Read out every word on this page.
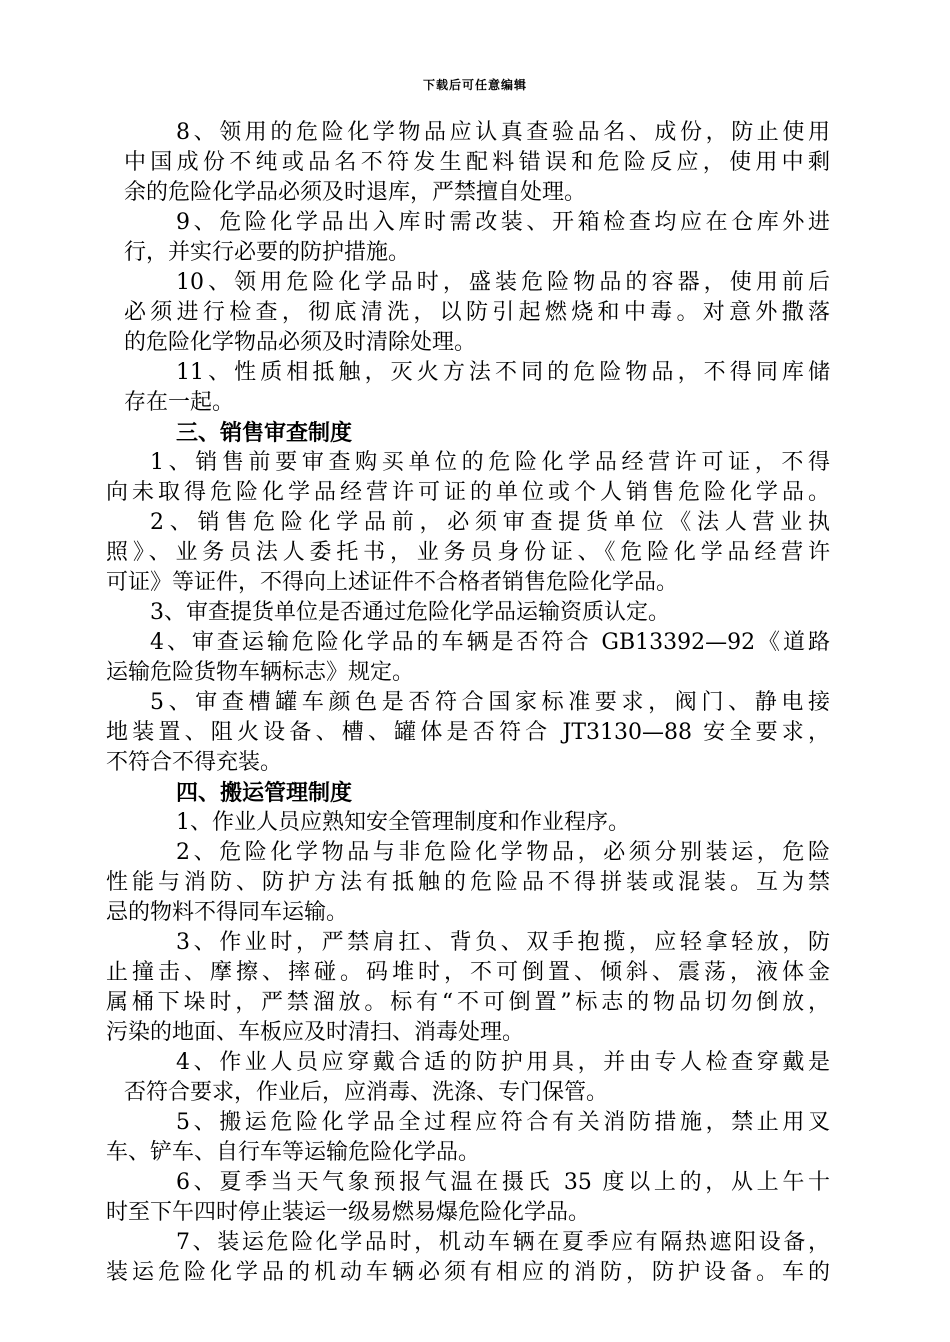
下载后可任意编辑
8、领用的危险化学物品应认真查验品名、成份，防止使用
中国成份不纯或品名不符发生配料错误和危险反应，使用中剩
余的危险化学品必须及时退库，严禁擅自处理。
9、危险化学品出入库时需改装、开箱检查均应在仓库外进
行，并实行必要的防护措施。
10、领用危险化学品时，盛装危险物品的容器，使用前后
必须进行检查，彻底清洗，以防引起燃烧和中毒。对意外撒落
的危险化学物品必须及时清除处理。
11、性质相抵触，灭火方法不同的危险物品，不得同库储
存在一起。
三、销售审查制度
1、销售前要审查购买单位的危险化学品经营许可证，不得
向未取得危险化学品经营许可证的单位或个人销售危险化学品。
2、销售危险化学品前，必须审查提货单位《法人营业执
照》、业务员法人委托书，业务员身份证、《危险化学品经营许
可证》等证件，不得向上述证件不合格者销售危险化学品。
3、审查提货单位是否通过危险化学品运输资质认定。
4、审查运输危险化学品的车辆是否符合 GB13392—92《道路
运输危险货物车辆标志》规定。
5、审查槽罐车颜色是否符合国家标准要求，阀门、静电接
地装置、阻火设备、槽、罐体是否符合 JT3130—88 安全要求，
不符合不得充装。
四、搬运管理制度
1、作业人员应熟知安全管理制度和作业程序。
2、危险化学物品与非危险化学物品，必须分别装运，危险
性能与消防、防护方法有抵触的危险品不得拼装或混装。互为禁
忌的物料不得同车运输。
3、作业时，严禁肩扛、背负、双手抱揽，应轻拿轻放，防
止撞击、摩擦、摔碰。码堆时，不可倒置、倾斜、震荡，液体金
属桶下垛时，严禁溜放。标有“不可倒置”标志的物品切勿倒放，
污染的地面、车板应及时清扫、消毒处理。
4、作业人员应穿戴合适的防护用具，并由专人检查穿戴是
否符合要求，作业后，应消毒、洗涤、专门保管。
5、搬运危险化学品全过程应符合有关消防措施，禁止用叉
车、铲车、自行车等运输危险化学品。
6、夏季当天气象预报气温在摄氏 35 度以上的，从上午十
时至下午四时停止装运一级易燃易爆危险化学品。
7、装运危险化学品时，机动车辆在夏季应有隔热遮阳设备，
装运危险化学品的机动车辆必须有相应的消防，防护设备。车的
